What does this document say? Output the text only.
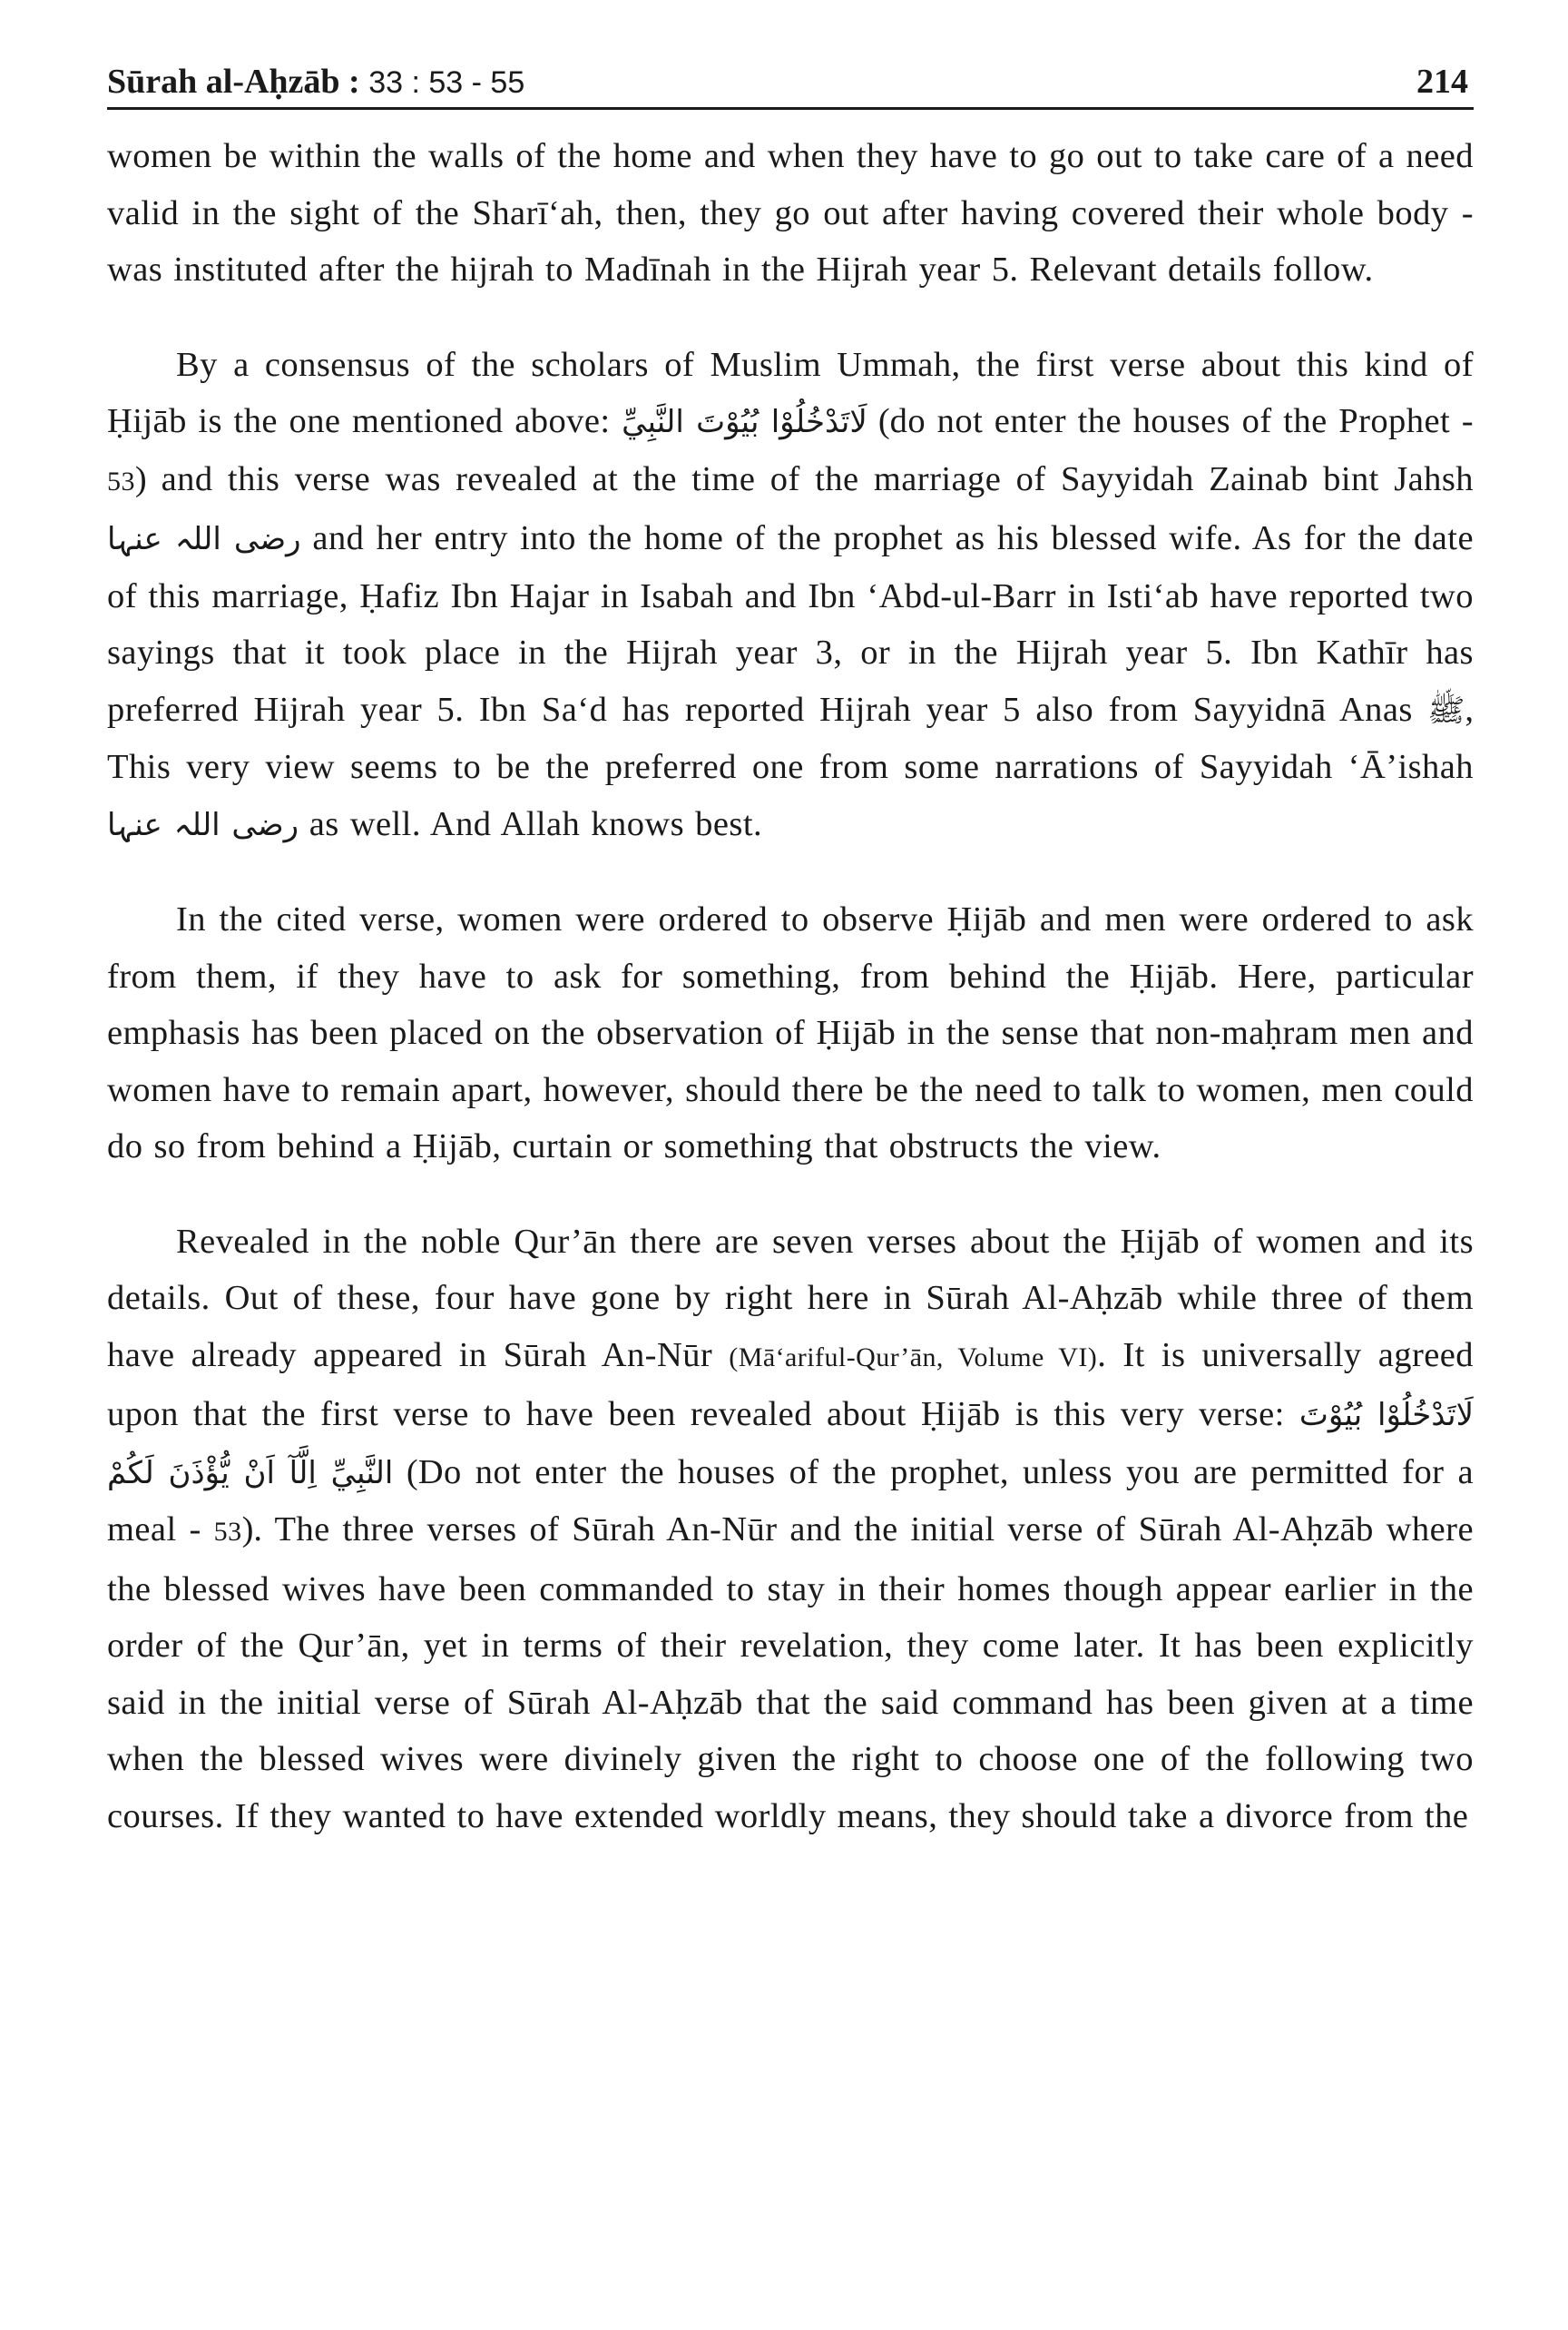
Sūrah al-Aḥzāb : 33 : 53 - 55	214

women be within the walls of the home and when they have to go out to take care of a need valid in the sight of the Sharī‘ah, then, they go out after having covered their whole body - was instituted after the hijrah to Madīnah in the Hijrah year 5. Relevant details follow.

By a consensus of the scholars of Muslim Ummah, the first verse about this kind of Ḥijāb is the one mentioned above: لَاتَدْخُلُوْا بُيُوْتَ النَّبِيِّ (do not enter the houses of the Prophet - 53) and this verse was revealed at the time of the marriage of Sayyidah Zainab bint Jahsh رضی اللہ عنہا and her entry into the home of the prophet as his blessed wife. As for the date of this marriage, Ḥafiz Ibn Hajar in Isabah and Ibn ‘Abd-ul-Barr in Isti‘ab have reported two sayings that it took place in the Hijrah year 3, or in the Hijrah year 5. Ibn Kathīr has preferred Hijrah year 5. Ibn Sa‘d has reported Hijrah year 5 also from Sayyidnā Anas ﷺ, This very view seems to be the preferred one from some narrations of Sayyidah ‘Ā’ishah رضی اللہ عنہا as well. And Allah knows best.

In the cited verse, women were ordered to observe Ḥijāb and men were ordered to ask from them, if they have to ask for something, from behind the Ḥijāb. Here, particular emphasis has been placed on the observation of Ḥijāb in the sense that non-maḥram men and women have to remain apart, however, should there be the need to talk to women, men could do so from behind a Ḥijāb, curtain or something that obstructs the view.

Revealed in the noble Qur’ān there are seven verses about the Ḥijāb of women and its details. Out of these, four have gone by right here in Sūrah Al-Aḥzāb while three of them have already appeared in Sūrah An-Nūr (Mā‘ariful-Qur’ān, Volume VI). It is universally agreed upon that the first verse to have been revealed about Ḥijāb is this very verse: لَاتَدْخُلُوْا بُيُوْتَ النَّبِيِّ اِلَّآ اَنْ يُّؤْذَنَ لَكُمْ (Do not enter the houses of the prophet, unless you are permitted for a meal - 53). The three verses of Sūrah An-Nūr and the initial verse of Sūrah Al-Aḥzāb where the blessed wives have been commanded to stay in their homes though appear earlier in the order of the Qur’ān, yet in terms of their revelation, they come later. It has been explicitly said in the initial verse of Sūrah Al-Aḥzāb that the said command has been given at a time when the blessed wives were divinely given the right to choose one of the following two courses. If they wanted to have extended worldly means, they should take a divorce from the
